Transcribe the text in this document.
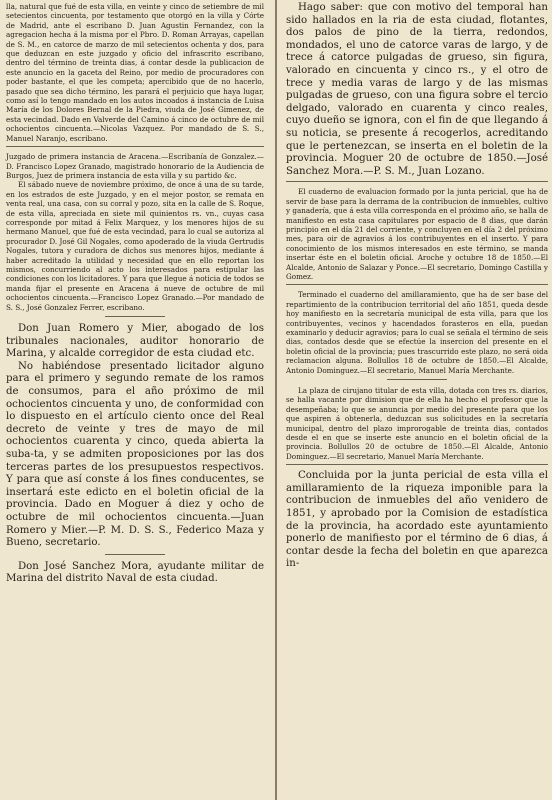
lla, natural que fué de esta villa, en veinte y cinco de setiembre de mil setecientos cincuenta, por testamento que otorgó en la villa y Córte de Madrid, ante el escribano D. Juan Agustin Fernandez, con la agregacion hecha á la misma por el Pbro. D. Roman Arrayas, capellan de S. M., en catorce de marzo de mil setecientos ochenta y dos, para que deduzcan en este juzgado y oficio del infrascrito escribano, dentro del término de treinta dias, á contar desde la publicacion de este anuncio en la gaceta del Reino, por medio de procuradores con poder bastante, el que les competa; apercibido que de no hacerlo, pasado que sea dicho término, les parará el perjuicio que haya lugar, como así lo tengo mandado en los autos incoados á instancia de Luisa María de los Dolores Bernal de la Piedra, viuda de José Gimenez, de esta vecindad. Dado en Valverde del Camino á cinco de octubre de mil ochocientos cincuenta.—Nicolas Vazquez. Por mandado de S. S., Manuel Naranjo, escribano.

Juzgado de primera instancia de Aracena.—Escribanía de Gonzalez.—D. Francisco Lopez Granado, magistrado honorario de la Audiencia de Burgos, Juez de primera instancia de esta villa y su partido &c.

El sábado nueve de noviembre próximo, de once á una de su tarde, en los estrados de este Juzgado, y en el mejor postor, se remata en venta real, una casa, con su corral y pozo, sita en la calle de S. Roque, de esta villa, apreciada en siete mil quinientos rs. vn., cuyas casa corresponde por mitad á Felix Marquez, y los menores hijos de su hermano Manuel, que fué de esta vecindad, para lo cual se autoriza al procurador D. José Gil Nogales, como apoderado de la viuda Gertrudis Nogales, tutora y curadora de dichos sus menores hijos, mediante á haber acreditado la utilidad y necesidad que en ello reportan los mismos, concurriendo al acto los interesados para estipular las condiciones con los licitadores. Y para que llegue á noticia de todos se manda fijar el presente en Aracena á nueve de octubre de mil ochocientos cincuenta.—Francisco Lopez Granado.—Por mandado de S. S., José Gonzalez Ferrer, escribano.

Don Juan Romero y Mier, abogado de los tribunales nacionales, auditor honorario de Marina, y alcalde corregidor de esta ciudad etc.

No habiéndose presentado licitador alguno para el primero y segundo remate de los ramos de consumos, para el año próximo de mil ochocientos cincuenta y uno, de conformidad con lo dispuesto en el artículo ciento once del Real decreto de veinte y tres de mayo de mil ochocientos cuarenta y cinco, queda abierta la suba-ta, y se admiten proposiciones por las dos terceras partes de los presupuestos respectivos. Y para que así conste á los fines conducentes, se insertará este edicto en el boletin oficial de la provincia. Dado en Moguer á diez y ocho de octubre de mil ochocientos cincuenta.—Juan Romero y Mier.—P. M. D. S. S., Federico Maza y Bueno, secretario.

Don José Sanchez Mora, ayudante militar de Marina del distrito Naval de esta ciudad.

Hago saber: que con motivo del temporal han sido hallados en la ria de esta ciudad, flotantes, dos palos de pino de la tierra, redondos, mondados, el uno de catorce varas de largo, y de trece á catorce pulgadas de grueso, sin figura, valorado en cincuenta y cinco rs., y el otro de trece y media varas de largo y de las mismas pulgadas de grueso, con una figura sobre el tercio delgado, valorado en cuarenta y cinco reales, cuyo dueño se ignora, con el fin de que llegando á su noticia, se presente á recogerlos, acreditando que le pertenezcan, se inserta en el boletin de la provincia. Moguer 20 de octubre de 1850.—José Sanchez Mora.—P. S. M., Juan Lozano.

El cuaderno de evaluacion formado por la junta pericial, que ha de servir de base para la derrama de la contribucion de inmuebles, cultivo y ganadería, que á esta villa corresponda en el próximo año, se halla de manifiesto en esta casa capitulares por espacio de 8 dias, que darán principio en el día 21 del corriente, y concluyen en el día 2 del próximo mes, para oir de agravios á los contribuyentes en el inserto. Y para conocimiento de los mismos interesados en este término, se manda insertar éste en el boletin oficial. Aroche y octubre 18 de 1850.—El Alcalde, Antonio de Salazar y Ponce.—El secretario, Domingo Castilla y Gomez.

Terminado el cuaderno del amillaramiento, que ha de ser base del repartimiento de la contribucion territorial del año 1851, queda desde hoy manifiesto en la secretaría municipal de esta villa, para que los contribuyentes, vecinos y hacendados forasteros en ella, puedan examinarlo y deducir agravios; para lo cual se señala el término de seis dias, contados desde que se efectúe la insercion del presente en el boletin oficial de la provincia; pues trascurrido este plazo, no será oida reclamacion alguna. Bollullos 18 de octubre de 1850.—El Alcalde, Antonio Dominguez.—El secretario, Manuel María Merchante.

La plaza de cirujano titular de esta villa, dotada con tres rs. diarios, se halla vacante por dimision que de ella ha hecho el profesor que la desempeñaba; lo que se anuncia por medio del presente para que los que aspiren á obtenerla, deduzcan sus solicitudes en la secretaría municipal, dentro del plazo improrogable de treinta dias, contados desde el en que se inserte este anuncio en el boletin oficial de la provincia. Bollullos 20 de octubre de 1850.—El Alcalde, Antonio Dominguez.—El secretario, Manuel María Merchante.

Concluida por la junta pericial de esta villa el amillaramiento de la riqueza imponible para la contribucion de inmuebles del año venidero de 1851, y aprobado por la Comision de estadística de la provincia, ha acordado este ayuntamiento ponerlo de manifiesto por el término de 6 dias, á contar desde la fecha del boletin en que aparezca in-
